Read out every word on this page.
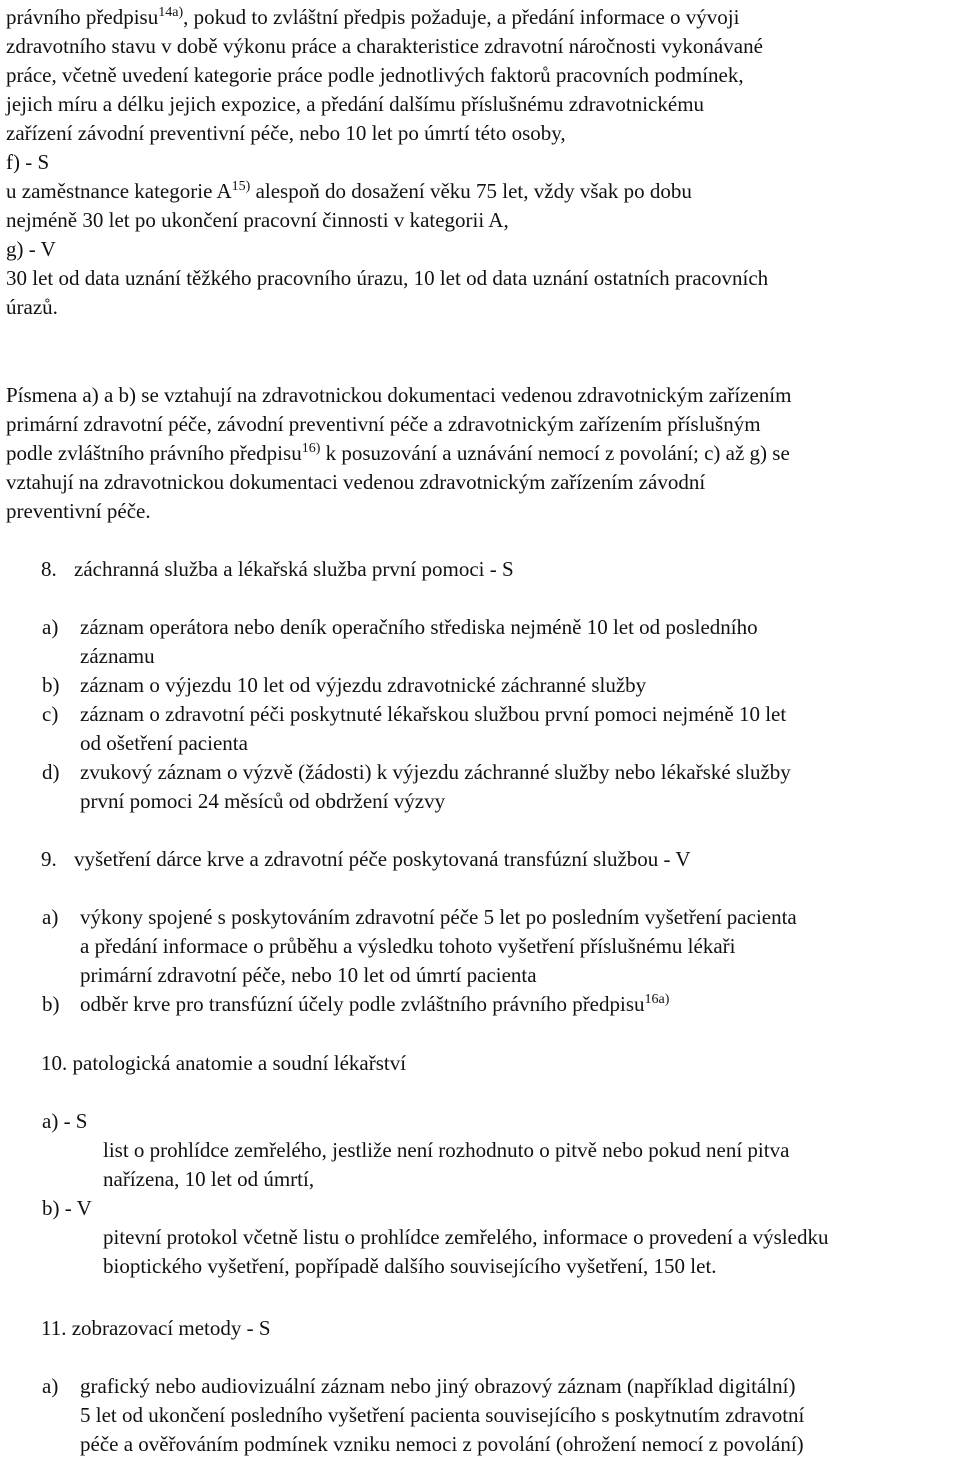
právního předpisu$^{14a)}$, pokud to zvláštní předpis požaduje, a předání informace o vývoji
zdravotního stavu v době výkonu práce a charakteristice zdravotní náročnosti vykonávané
práce, včetně uvedení kategorie práce podle jednotlivých faktorů pracovních podmínek,
jejich míru a délku jejich expozice, a předání dalšímu příslušnému zdravotnickému
zařízení závodní preventivní péče, nebo 10 let po úmrtí této osoby,
f) - S
u zaměstnance kategorie $A^{15)}$ alespoň do dosažení věku 75 let, vždy však po dobu
nejméně 30 let po ukončení pracovní činnosti v kategorii A,
g) - V
30 let od data uznání těžkého pracovního úrazu, 10 let od data uznání ostatních pracovních
úrazů.
Písmena a) a b) se vztahují na zdravotnickou dokumentaci vedenou zdravotnickým zařízením
primární zdravotní péče, závodní preventivní péče a zdravotnickým zařízením příslušným
podle zvláštního právního předpisu$^{16)}$ k posuzování a uznávání nemocí z povolání; c) až g) se
vztahují na zdravotnickou dokumentaci vedenou zdravotnickým zařízením závodní
preventivní péče.
8. záchranná služba a lékařská služba první pomoci - S
a) záznam operátora nebo deník operačního střediska nejméně 10 let od posledního
záznamu
b) záznam o výjezdu 10 let od výjezdu zdravotnické záchranné služby
c) záznam o zdravotní péči poskytnuté lékařskou službou první pomoci nejméně 10 let
od ošetření pacienta
d) zvukový záznam o výzvě (žádosti) k výjezdu záchranné služby nebo lékařské služby
první pomoci 24 měsíců od obdržení výzvy
9. vyšetření dárce krve a zdravotní péče poskytovaná transfúzní službou - V
a) výkony spojené s poskytováním zdravotní péče 5 let po posledním vyšetření pacienta
a předání informace o průběhu a výsledku tohoto vyšetření příslušnému lékaři
primární zdravotní péče, nebo 10 let od úmrtí pacienta
b) odběr krve pro transfúzní účely podle zvláštního právního předpisu$^{16a)}$
10. patologická anatomie a soudní lékařství
a) - S
list o prohlídce zemřelého, jestliže není rozhodnuto o pitvě nebo pokud není pitva
nařízena, 10 let od úmrtí,
b) - V
pitevní protokol včetně listu o prohlídce zemřelého, informace o provedení a výsledku
bioptického vyšetření, popřípadě dalšího souvisejícího vyšetření, 150 let.
11. zobrazovací metody - S
a) grafický nebo audiovizuální záznam nebo jiný obrazový záznam (například digitální)
5 let od ukončení posledního vyšetření pacienta souvisejícího s poskytnutím zdravotní
péče a ověřováním podmínek vzniku nemoci z povolání (ohrožení nemocí z povolání)
